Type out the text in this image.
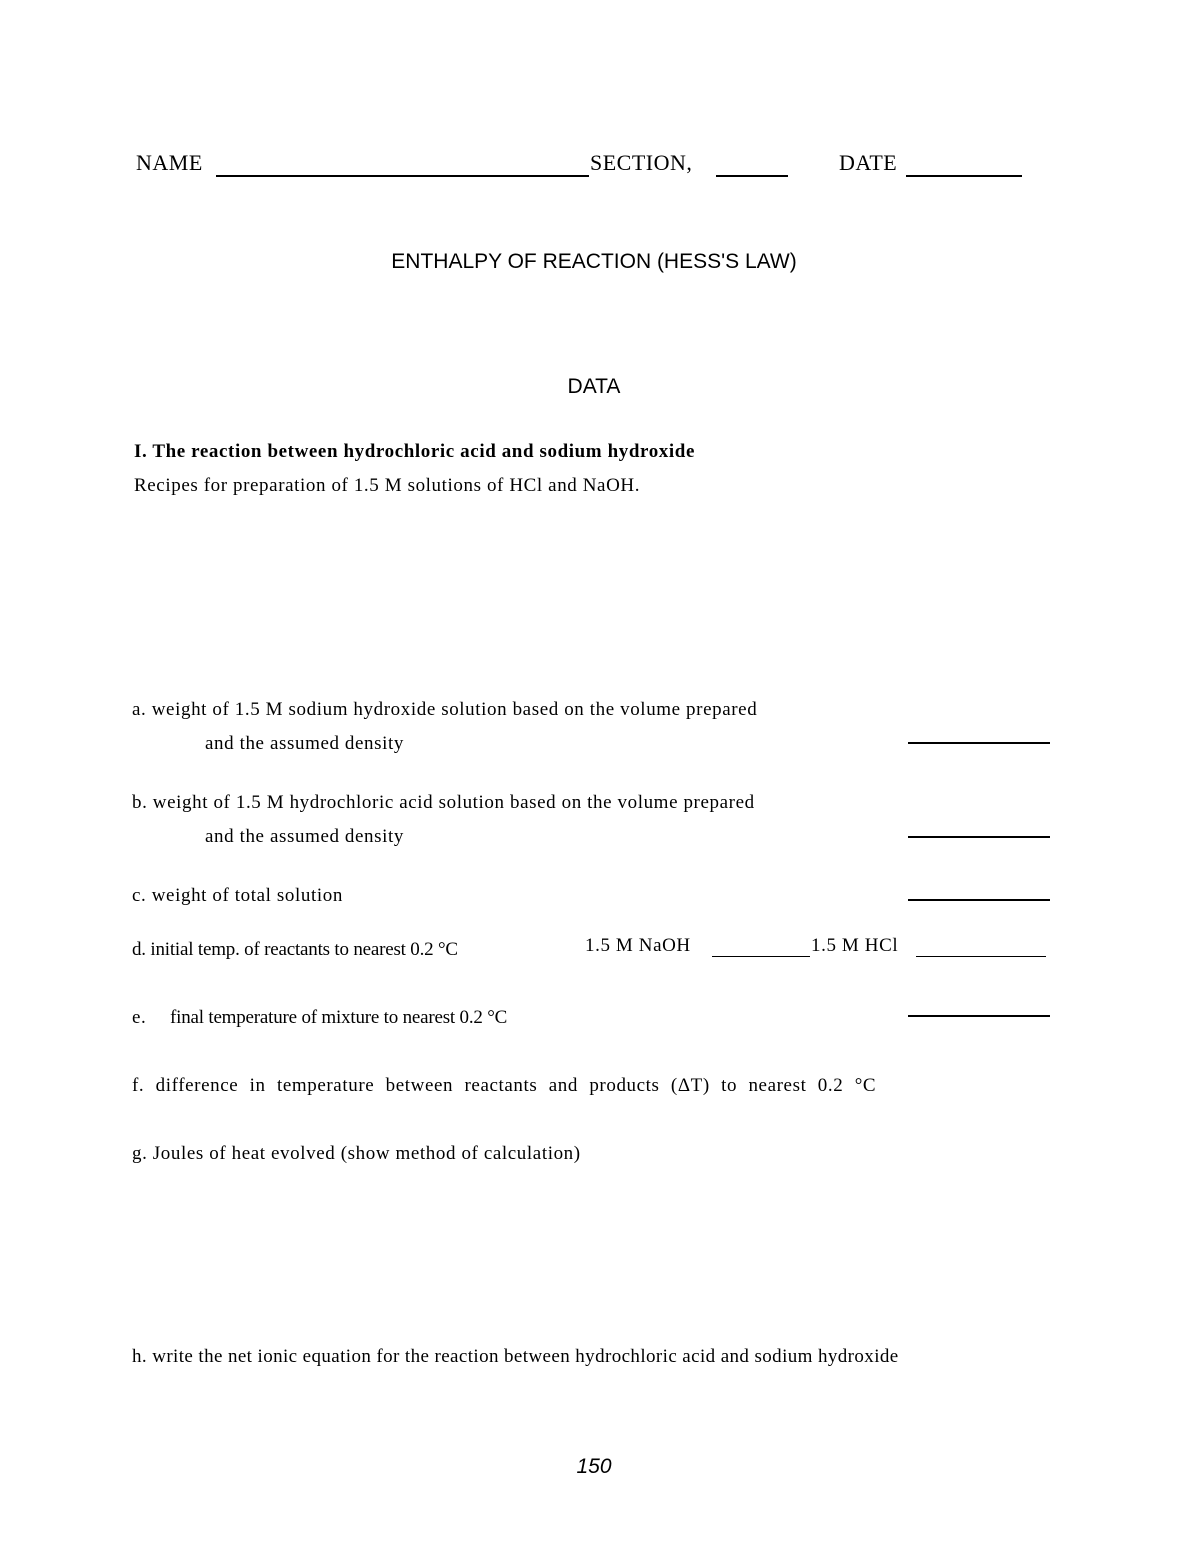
NAME	SECTION,	DATE
ENTHALPY OF REACTION (HESS'S LAW)
DATA
I. The reaction between hydrochloric acid and sodium hydroxide
Recipes for preparation of 1.5 M solutions of HCl and NaOH.
a. weight of 1.5 M sodium hydroxide solution based on the volume prepared
and the assumed density
b. weight of 1.5 M hydrochloric acid solution based on the volume prepared
and the assumed density
c. weight of total solution
d. initial temp. of reactants to nearest 0.2 °C	1.5 M NaOH	1.5 M HCl
e. final temperature of mixture to nearest 0.2 °C
f. difference in temperature between reactants and products (ΔT) to nearest 0.2 °C
g. Joules of heat evolved (show method of calculation)
h. write the net ionic equation for the reaction between hydrochloric acid and sodium hydroxide
150
